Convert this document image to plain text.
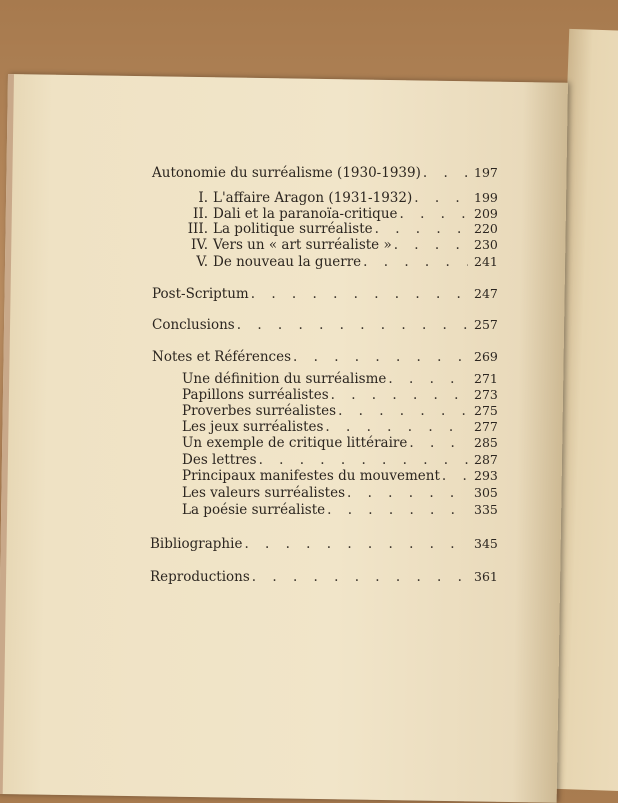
Autonomie du surréalisme (1930-1939) . . .	197
I. L'affaire Aragon (1931-1932) . . .	199
II. Dali et la paranoïa-critique . . .	209
III. La politique surréaliste . . .	220
IV. Vers un « art surréaliste » . . .	230
V. De nouveau la guerre . . .	241
Post-Scriptum . . .	247
Conclusions . . .	257
Notes et Références . . .	269
Une définition du surréalisme . . .	271
Papillons surréalistes . . .	273
Proverbes surréalistes . . .	275
Les jeux surréalistes . . .	277
Un exemple de critique littéraire . . .	285
Des lettres . . .	287
Principaux manifestes du mouvement . . .	293
Les valeurs surréalistes . . .	305
La poésie surréaliste . . .	335
Bibliographie . . .	345
Reproductions . . .	361
